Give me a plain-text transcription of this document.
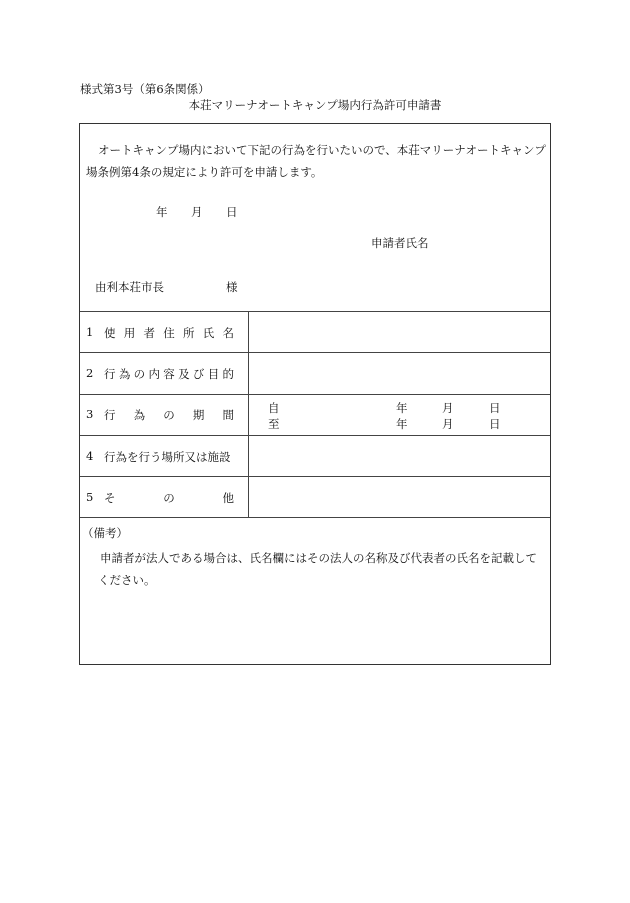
様式第3号（第6条関係）
本荘マリーナオートキャンプ場内行為許可申請書
オートキャンプ場内において下記の行為を行いたいので、本荘マリーナオートキャンプ場条例第4条の規定により許可を申請します。
年 月 日
申請者氏名
由利本荘市長	様
1 使 用 者 住 所 氏 名
2 行 為 の 内 容 及 び 目 的
3 行 為 の 期 間	自	年	月	日
至	年	月	日
4 行為を行う場所又は施設
5 そ	の	他
（備考）
申請者が法人である場合は、氏名欄にはその法人の名称及び代表者の氏名を記載してください。
